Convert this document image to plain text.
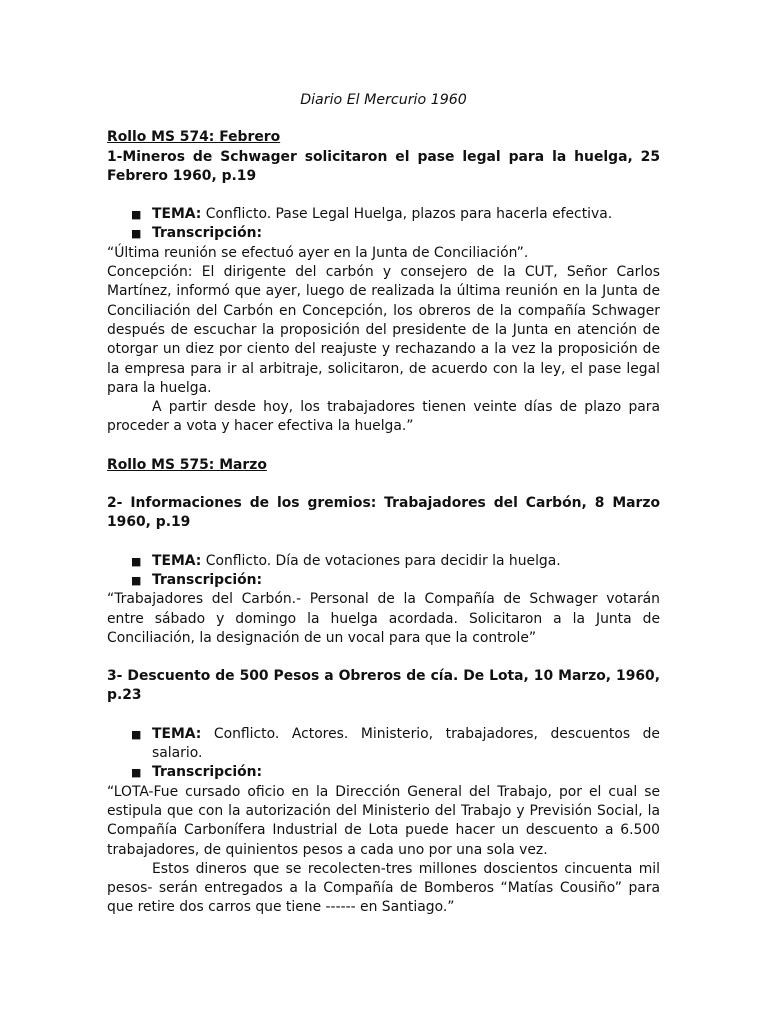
Diario El Mercurio 1960

Rollo MS 574: Febrero

1-Mineros de Schwager solicitaron el pase legal para la huelga, 25 Febrero 1960, p.19

■ TEMA: Conflicto. Pase Legal Huelga, plazos para hacerla efectiva.
■ Transcripción:

“Última reunión se efectuó ayer en la Junta de Conciliación”.

Concepción: El dirigente del carbón y consejero de la CUT, Señor Carlos Martínez, informó que ayer, luego de realizada la última reunión en la Junta de Conciliación del Carbón en Concepción, los obreros de la compañía Schwager después de escuchar la proposición del presidente de la Junta en atención de otorgar un diez por ciento del reajuste y rechazando a la vez la proposición de la empresa para ir al arbitraje, solicitaron, de acuerdo con la ley, el pase legal para la huelga.

A partir desde hoy, los trabajadores tienen veinte días de plazo para proceder a vota y hacer efectiva la huelga.”

Rollo MS 575: Marzo

2- Informaciones de los gremios: Trabajadores del Carbón, 8 Marzo 1960, p.19

■ TEMA: Conflicto. Día de votaciones para decidir la huelga.
■ Transcripción:

“Trabajadores del Carbón.- Personal de la Compañía de Schwager votarán entre sábado y domingo la huelga acordada. Solicitaron a la Junta de Conciliación, la designación de un vocal para que la controle”

3- Descuento de 500 Pesos a Obreros de cía. De Lota, 10 Marzo, 1960, p.23

■ TEMA: Conflicto. Actores. Ministerio, trabajadores, descuentos de salario.
■ Transcripción:

“LOTA-Fue cursado oficio en la Dirección General del Trabajo, por el cual se estipula que con la autorización del Ministerio del Trabajo y Previsión Social, la Compañía Carbonífera Industrial de Lota puede hacer un descuento a 6.500 trabajadores, de quinientos pesos a cada uno por una sola vez.

Estos dineros que se recolecten-tres millones doscientos cincuenta mil pesos- serán entregados a la Compañía de Bomberos “Matías Cousiño” para que retire dos carros que tiene ------ en Santiago.”
